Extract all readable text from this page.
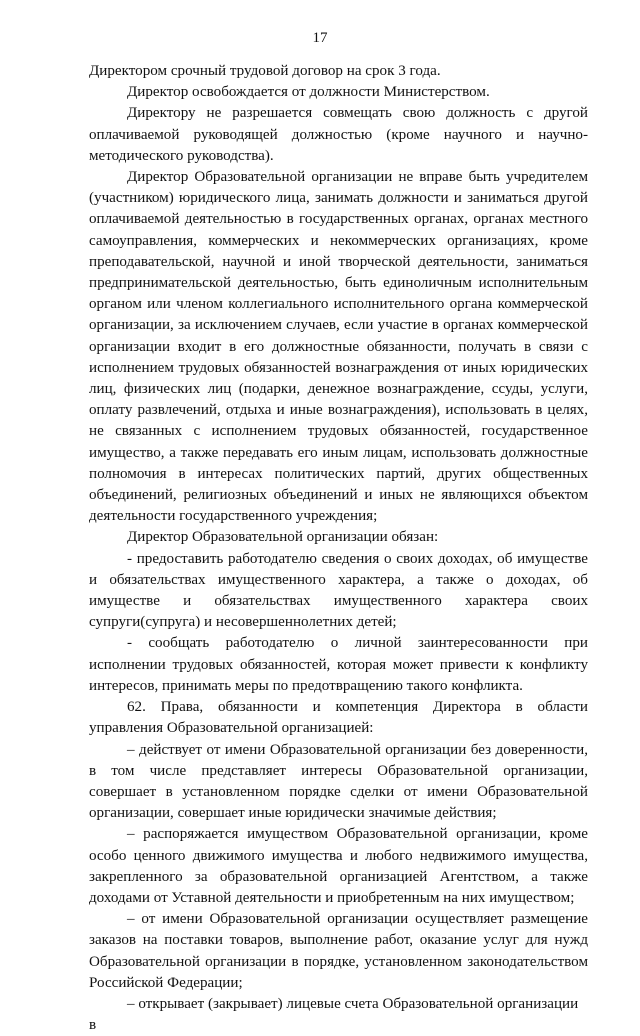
17

Директором срочный трудовой договор на срок 3 года.

Директор освобождается от должности Министерством.

Директору не разрешается совмещать свою должность с другой оплачиваемой руководящей должностью (кроме научного и научно-методического руководства).

Директор Образовательной организации не вправе быть учредителем (участником) юридического лица, занимать должности и заниматься другой оплачиваемой деятельностью в государственных органах, органах местного самоуправления, коммерческих и некоммерческих организациях, кроме преподавательской, научной и иной творческой деятельности, заниматься предпринимательской деятельностью, быть единоличным исполнительным органом или членом коллегиального исполнительного органа коммерческой организации, за исключением случаев, если участие в органах коммерческой организации входит в его должностные обязанности, получать в связи с исполнением трудовых обязанностей вознаграждения от иных юридических лиц, физических лиц (подарки, денежное вознаграждение, ссуды, услуги, оплату развлечений, отдыха и иные вознаграждения), использовать в целях, не связанных с исполнением трудовых обязанностей, государственное имущество, а также передавать его иным лицам, использовать должностные полномочия в интересах политических партий, других общественных объединений, религиозных объединений и иных не являющихся объектом деятельности государственного учреждения;

Директор Образовательной организации обязан:

- предоставить работодателю сведения о своих доходах, об имуществе и обязательствах имущественного характера, а также о доходах, об имуществе и обязательствах имущественного характера своих супруги(супруга) и несовершеннолетних детей;

- сообщать работодателю о личной заинтересованности при исполнении трудовых обязанностей, которая может привести к конфликту интересов, принимать меры по предотвращению такого конфликта.

62. Права, обязанности и компетенция Директора в области управления Образовательной организацией:

– действует от имени Образовательной организации без доверенности, в том числе представляет интересы Образовательной организации, совершает в установленном порядке сделки от имени Образовательной организации, совершает иные юридически значимые действия;

– распоряжается имуществом Образовательной организации, кроме особо ценного движимого имущества и любого недвижимого имущества, закрепленного за образовательной организацией Агентством, а также доходами от Уставной деятельности и приобретенным на них имуществом;

– от имени Образовательной организации осуществляет размещение заказов на поставки товаров, выполнение работ, оказание услуг для нужд Образовательной организации в порядке, установленном законодательством Российской Федерации;

– открывает (закрывает) лицевые счета Образовательной организации в
